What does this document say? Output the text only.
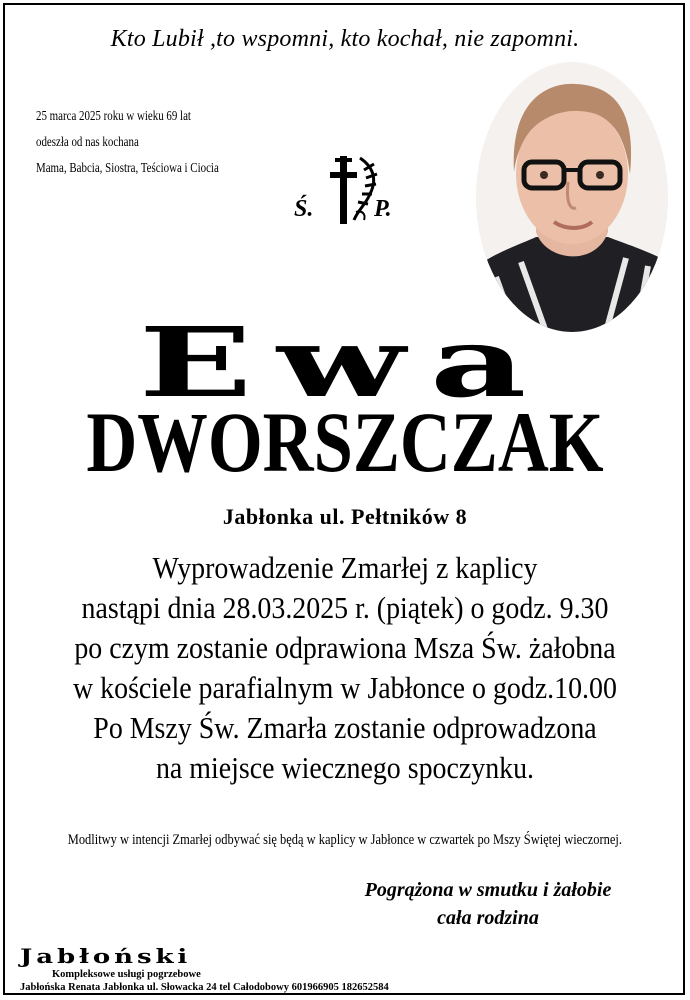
Kto Lubił ,to wspomni, kto kochał, nie zapomni.
25 marca 2025 roku w wieku 69 lat
odeszła od nas kochana
Mama, Babcia, Siostra, Teściowa i Ciocia
Ś.	P.
Ewa
DWORSZCZAK
Jabłonka ul. Pełtników 8
Wyprowadzenie Zmarłej z kaplicy
nastąpi dnia 28.03.2025 r. (piątek) o godz. 9.30
po czym zostanie odprawiona Msza Św. żałobna
w kościele parafialnym w Jabłonce o godz.10.00
Po Mszy Św. Zmarła zostanie odprowadzona
na miejsce wiecznego spoczynku.
Modlitwy w intencji Zmarłej odbywać się będą w kaplicy w Jabłonce w czwartek po Mszy Świętej wieczornej.
Pogrążona w smutku i żałobie
cała rodzina
Jabłoński
Kompleksowe usługi pogrzebowe
Jabłońska Renata Jabłonka ul. Słowacka 24 tel Całodobowy 601966905 182652584
